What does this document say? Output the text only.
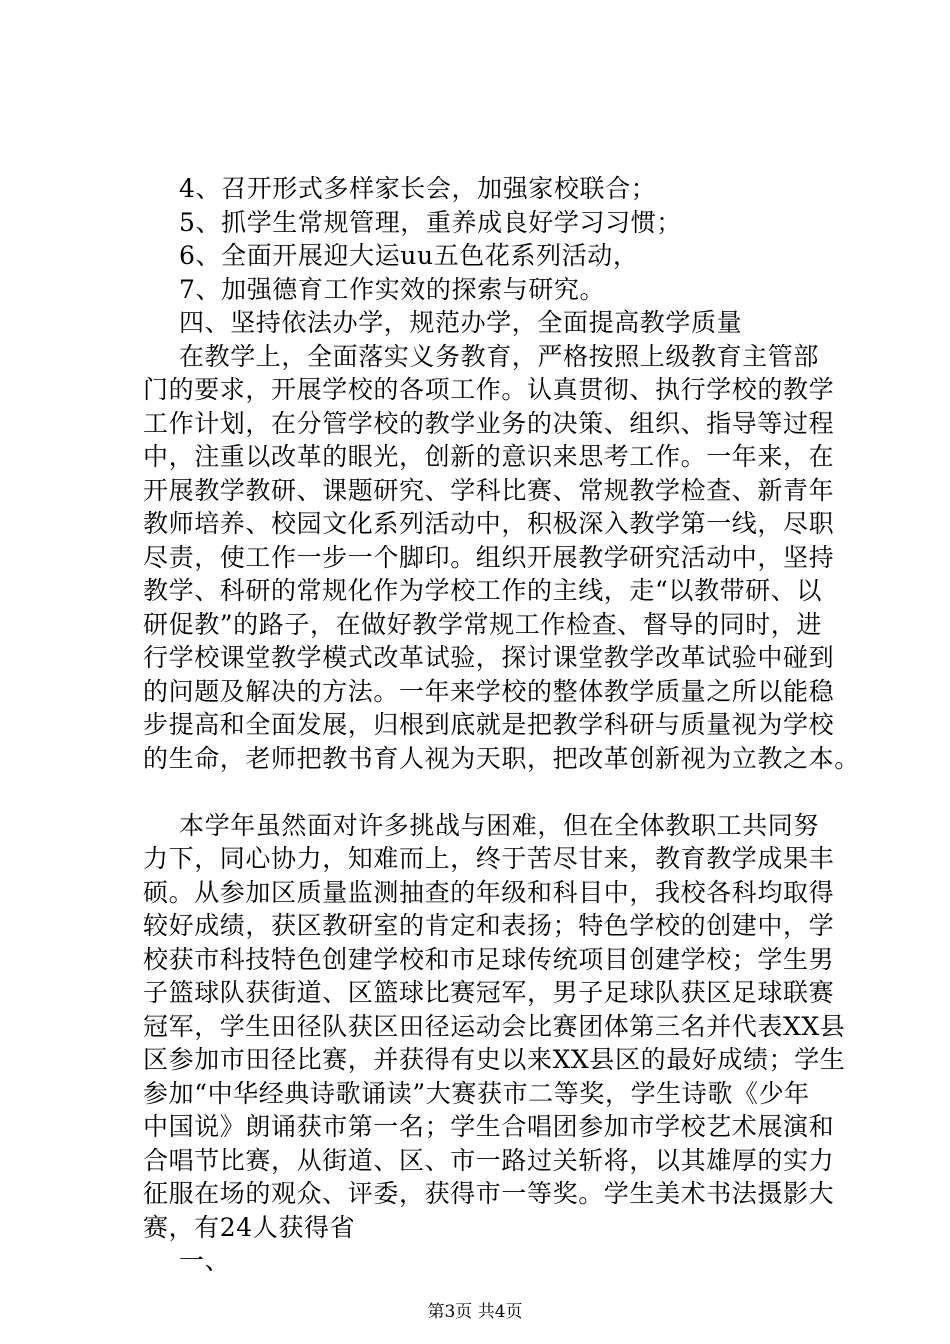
4、召开形式多样家长会，加强家校联合；
5、抓学生常规管理，重养成良好学习习惯；
6、全面开展迎大运uu五色花系列活动，
7、加强德育工作实效的探索与研究。
四、坚持依法办学，规范办学，全面提高教学质量
在教学上，全面落实义务教育，严格按照上级教育主管部
门的要求，开展学校的各项工作。认真贯彻、执行学校的教学
工作计划，在分管学校的教学业务的决策、组织、指导等过程
中，注重以改革的眼光，创新的意识来思考工作。一年来，在
开展教学教研、课题研究、学科比赛、常规教学检查、新青年
教师培养、校园文化系列活动中，积极深入教学第一线，尽职
尽责，使工作一步一个脚印。组织开展教学研究活动中，坚持
教学、科研的常规化作为学校工作的主线，走“以教带研、以
研促教”的路子，在做好教学常规工作检查、督导的同时，进
行学校课堂教学模式改革试验，探讨课堂教学改革试验中碰到
的问题及解决的方法。一年来学校的整体教学质量之所以能稳
步提高和全面发展，归根到底就是把教学科研与质量视为学校
的生命，老师把教书育人视为天职，把改革创新视为立教之本。
本学年虽然面对许多挑战与困难，但在全体教职工共同努
力下，同心协力，知难而上，终于苦尽甘来，教育教学成果丰
硕。从参加区质量监测抽查的年级和科目中，我校各科均取得
较好成绩，获区教研室的肯定和表扬；特色学校的创建中，学
校获市科技特色创建学校和市足球传统项目创建学校；学生男
子篮球队获街道、区篮球比赛冠军，男子足球队获区足球联赛
冠军，学生田径队获区田径运动会比赛团体第三名并代表XX县
区参加市田径比赛，并获得有史以来XX县区的最好成绩；学生
参加“中华经典诗歌诵读”大赛获市二等奖，学生诗歌《少年
中国说》朗诵获市第一名；学生合唱团参加市学校艺术展演和
合唱节比赛，从街道、区、市一路过关斩将，以其雄厚的实力
征服在场的观众、评委，获得市一等奖。学生美术书法摄影大
赛，有24人获得省
一、
第3页 共4页
